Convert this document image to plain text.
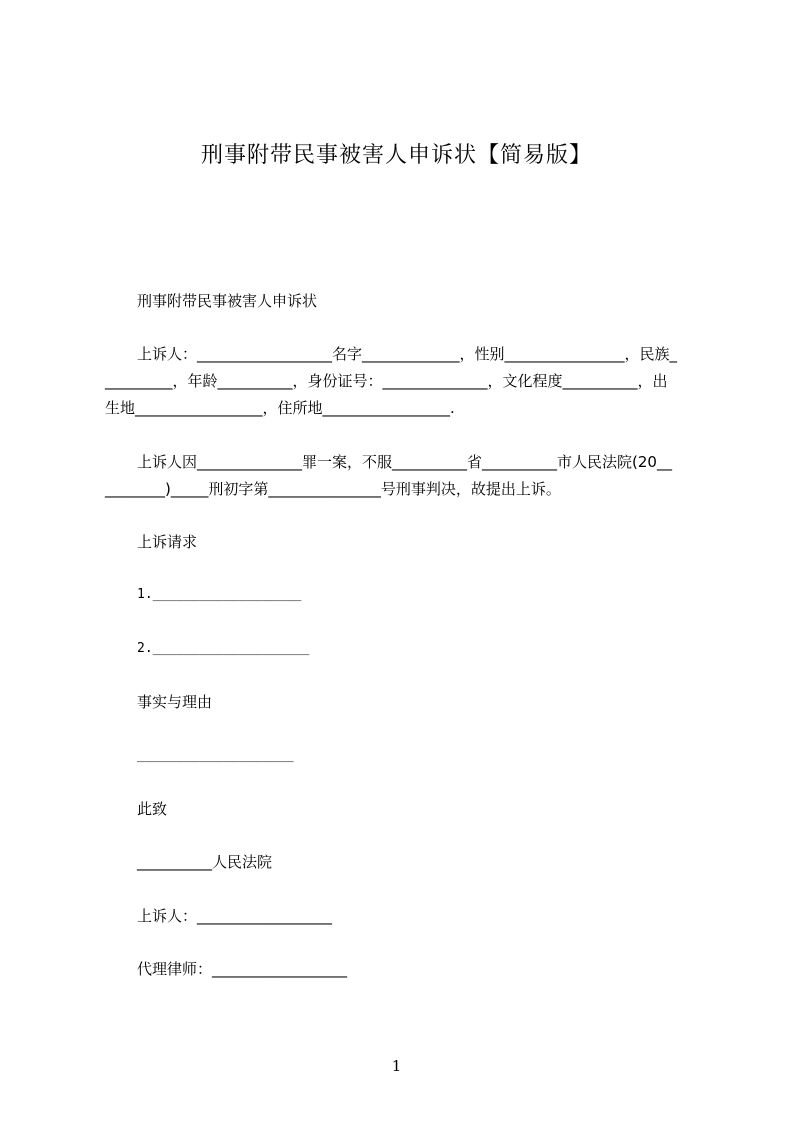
刑事附带民事被害人申诉状【简易版】
刑事附带民事被害人申诉状
上诉人：__________________名字_____________，性别________________，民族_
_________，年龄__________，身份证号：______________，文化程度__________，出
生地_________________，住所地_________________.
上诉人因______________罪一案，不服__________省__________市人民法院(20__
________)_____刑初字第_______________号刑事判决，故提出上诉。
上诉请求
1.___________________
2.____________________
事实与理由
____________________
此致
__________人民法院
上诉人：__________________
代理律师：__________________
1
